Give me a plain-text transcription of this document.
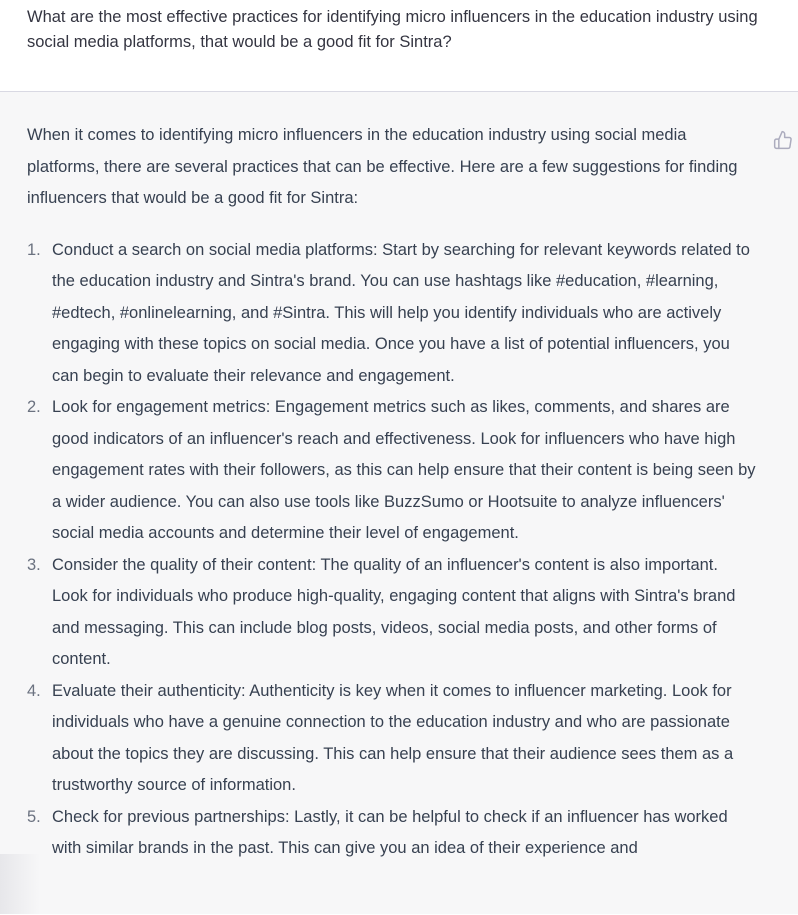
What are the most effective practices for identifying micro influencers in the education industry using social media platforms, that would be a good fit for Sintra?

When it comes to identifying micro influencers in the education industry using social media platforms, there are several practices that can be effective. Here are a few suggestions for finding influencers that would be a good fit for Sintra:

1. Conduct a search on social media platforms: Start by searching for relevant keywords related to the education industry and Sintra's brand. You can use hashtags like #education, #learning, #edtech, #onlinelearning, and #Sintra. This will help you identify individuals who are actively engaging with these topics on social media. Once you have a list of potential influencers, you can begin to evaluate their relevance and engagement.
2. Look for engagement metrics: Engagement metrics such as likes, comments, and shares are good indicators of an influencer's reach and effectiveness. Look for influencers who have high engagement rates with their followers, as this can help ensure that their content is being seen by a wider audience. You can also use tools like BuzzSumo or Hootsuite to analyze influencers' social media accounts and determine their level of engagement.
3. Consider the quality of their content: The quality of an influencer's content is also important. Look for individuals who produce high-quality, engaging content that aligns with Sintra's brand and messaging. This can include blog posts, videos, social media posts, and other forms of content.
4. Evaluate their authenticity: Authenticity is key when it comes to influencer marketing. Look for individuals who have a genuine connection to the education industry and who are passionate about the topics they are discussing. This can help ensure that their audience sees them as a trustworthy source of information.
5. Check for previous partnerships: Lastly, it can be helpful to check if an influencer has worked with similar brands in the past. This can give you an idea of their experience and
